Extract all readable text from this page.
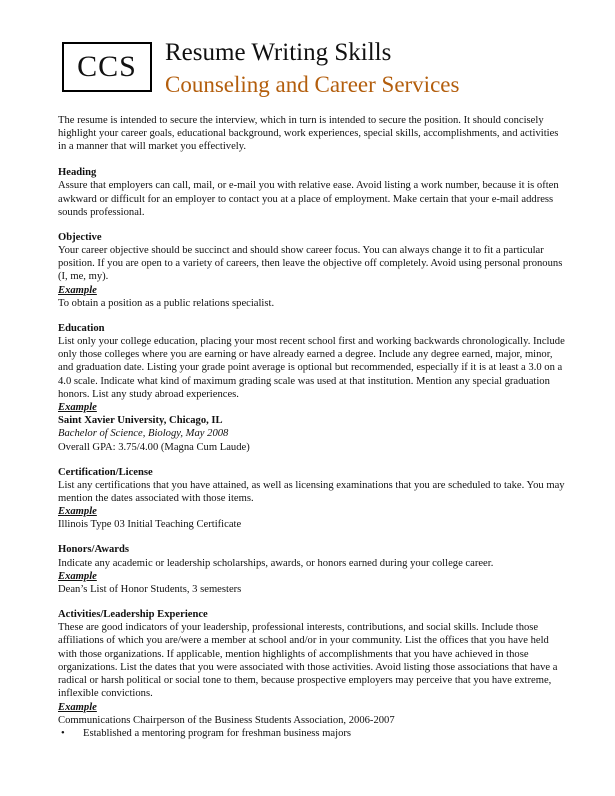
CCS	Resume Writing Skills
Counseling and Career Services
The resume is intended to secure the interview, which in turn is intended to secure the position. It should concisely highlight your career goals, educational background, work experiences, special skills, accomplishments, and activities in a manner that will market you effectively.
Heading
Assure that employers can call, mail, or e-mail you with relative ease. Avoid listing a work number, because it is often awkward or difficult for an employer to contact you at a place of employment. Make certain that your e-mail address sounds professional.
Objective
Your career objective should be succinct and should show career focus. You can always change it to fit a particular position. If you are open to a variety of careers, then leave the objective off completely. Avoid using personal pronouns (I, me, my).
Example
To obtain a position as a public relations specialist.
Education
List only your college education, placing your most recent school first and working backwards chronologically. Include only those colleges where you are earning or have already earned a degree. Include any degree earned, major, minor, and graduation date. Listing your grade point average is optional but recommended, especially if it is at least a 3.0 on a 4.0 scale. Indicate what kind of maximum grading scale was used at that institution. Mention any special graduation honors. List any study abroad experiences.
Example
Saint Xavier University, Chicago, IL
Bachelor of Science, Biology, May 2008
Overall GPA: 3.75/4.00 (Magna Cum Laude)
Certification/License
List any certifications that you have attained, as well as licensing examinations that you are scheduled to take. You may mention the dates associated with those items.
Example
Illinois Type 03 Initial Teaching Certificate
Honors/Awards
Indicate any academic or leadership scholarships, awards, or honors earned during your college career.
Example
Dean’s List of Honor Students, 3 semesters
Activities/Leadership Experience
These are good indicators of your leadership, professional interests, contributions, and social skills. Include those affiliations of which you are/were a member at school and/or in your community. List the offices that you have held with those organizations. If applicable, mention highlights of accomplishments that you have achieved in those organizations. List the dates that you were associated with those activities. Avoid listing those associations that have a radical or harsh political or social tone to them, because prospective employers may perceive that you have extreme, inflexible convictions.
Example
Communications Chairperson of the Business Students Association, 2006-2007
•	Established a mentoring program for freshman business majors
